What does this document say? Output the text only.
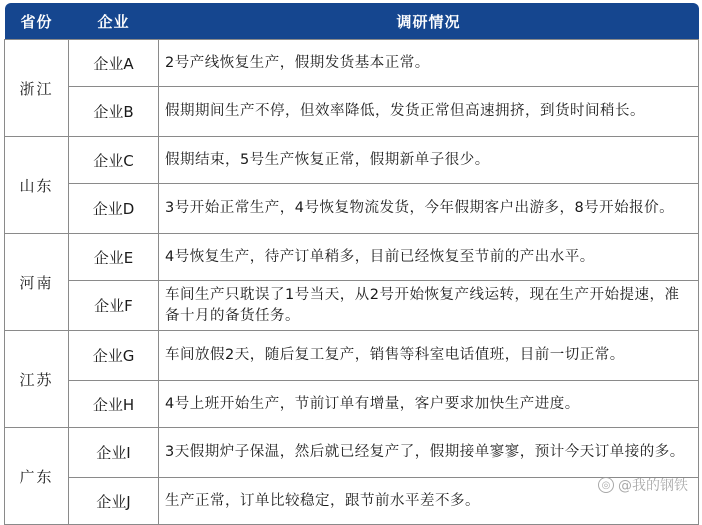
省份	企业	调研情况
浙江	企业A	2号产线恢复生产，假期发货基本正常。
	企业B	假期期间生产不停，但效率降低，发货正常但高速拥挤，到货时间稍长。
山东	企业C	假期结束，5号生产恢复正常，假期新单子很少。
	企业D	3号开始正常生产，4号恢复物流发货，今年假期客户出游多，8号开始报价。
河南	企业E	4号恢复生产，待产订单稍多，目前已经恢复至节前的产出水平。
	企业F	车间生产只耽误了1号当天，从2号开始恢复产线运转，现在生产开始提速，准备十月的备货任务。
江苏	企业G	车间放假2天，随后复工复产，销售等科室电话值班，目前一切正常。
	企业H	4号上班开始生产，节前订单有增量，客户要求加快生产进度。
广东	企业I	3天假期炉子保温，然后就已经复产了，假期接单寥寥，预计今天订单接的多。
	企业J	生产正常，订单比较稳定，跟节前水平差不多。
◎ @我的钢铁
